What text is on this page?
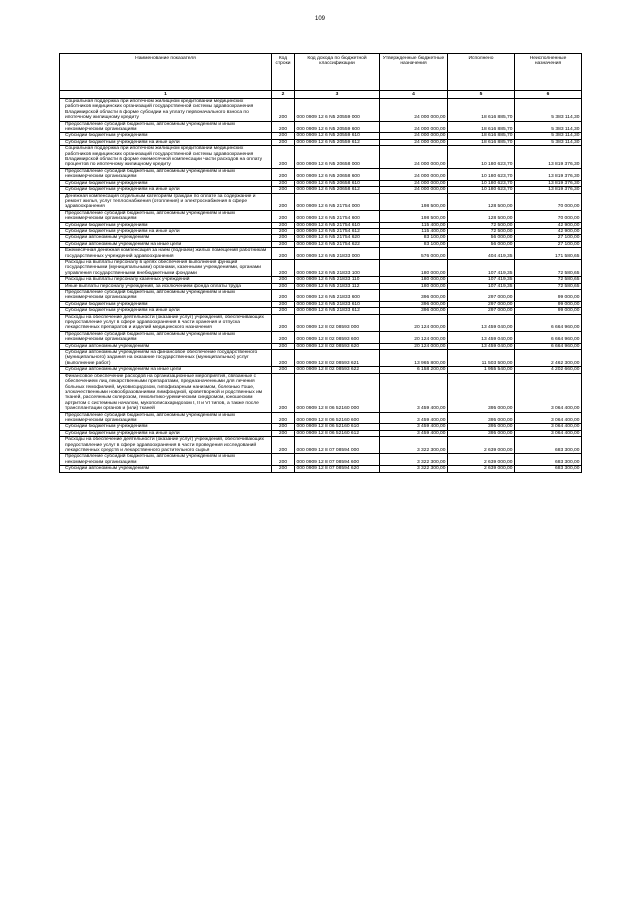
109
Наименование показателя	Код строки	Код дохода по бюджетной классификации	Утвержденные бюджетные назначения	Исполнено	Неисполненные назначения
1	2	3	4	5	6
Социальная поддержка при ипотечном жилищном кредитовании медицинских работников медицинских организаций государственной системы здравоохранения Владимирской области в форме субсидии на уплату первоначального взноса по ипотечному жилищному кредиту	200	000 0909 12 6 N5 20559 000	24 000 000,00	18 616 885,70	5 383 114,30
Предоставление субсидий бюджетным, автономным учреждениям и иным некоммерческим организациям	200	000 0909 12 6 N5 20559 600	24 000 000,00	18 616 885,70	5 383 114,30
Субсидии бюджетным учреждениям	200	000 0909 12 6 N5 20559 610	24 000 000,00	18 616 885,70	5 383 114,30
Субсидии бюджетным учреждениям на иные цели	200	000 0909 12 6 N5 20559 612	24 000 000,00	18 616 885,70	5 383 114,30
Социальная поддержка при ипотечном жилищном кредитовании медицинских работников медицинских организаций государственной системы здравоохранения Владимирской области в форме ежемесячной компенсации части расходов на оплату процентов по ипотечному жилищному кредиту	200	000 0909 12 6 N5 20658 000	24 000 000,00	10 180 623,70	13 819 376,30
Предоставление субсидий бюджетным, автономным учреждениям и иным некоммерческим организациям	200	000 0909 12 6 N5 20658 600	24 000 000,00	10 180 623,70	13 819 376,30
Субсидии бюджетным учреждениям	200	000 0909 12 6 N5 20658 610	24 000 000,00	10 180 623,70	13 819 376,30
Субсидии бюджетным учреждениям на иные цели	200	000 0909 12 6 N5 20658 612	24 000 000,00	10 180 623,70	13 819 376,30
Денежная компенсация отдельным категориям граждан по оплате за содержание и ремонт жилья, услуг теплоснабжения (отопления) и электроснабжения в сфере здравоохранения	200	000 0909 12 6 N5 21754 000	198 500,00	128 500,00	70 000,00
Предоставление субсидий бюджетным, автономным учреждениям и иным некоммерческим организациям	200	000 0909 12 6 N5 21754 600	198 500,00	128 500,00	70 000,00
Субсидии бюджетным учреждениям	200	000 0909 12 6 N5 21754 610	115 400,00	72 500,00	42 900,00
Субсидии бюджетным учреждениям на иные цели	200	000 0909 12 6 N5 21754 612	115 400,00	72 500,00	42 900,00
Субсидии автономным учреждениям	200	000 0909 12 6 N5 21754 620	83 100,00	56 000,00	27 100,00
Субсидии автономным учреждениям на иные цели	200	000 0909 12 6 N5 21754 622	83 100,00	56 000,00	27 100,00
Ежемесячная денежная компенсация за наем (поднаем) жилых помещений работникам государственных учреждений здравоохранения	200	000 0909 12 6 N5 21833 000	576 000,00	404 419,35	171 580,65
Расходы на выплаты персоналу в целях обеспечения выполнения функций государственными (муниципальными) органами, казенными учреждениями, органами управления государственными внебюджетными фондами	200	000 0909 12 6 N5 21833 100	180 000,00	107 419,35	72 580,65
Расходы на выплаты персоналу казенных учреждений	200	000 0909 12 6 N5 21833 110	180 000,00	107 419,35	72 580,65
Иные выплаты персоналу учреждений, за исключением фонда оплаты труда	200	000 0909 12 6 N5 21833 112	180 000,00	107 419,35	72 580,65
Предоставление субсидий бюджетным, автономным учреждениям и иным некоммерческим организациям	200	000 0909 12 6 N5 21833 600	396 000,00	297 000,00	99 000,00
Субсидии бюджетным учреждениям	200	000 0909 12 6 N5 21833 610	396 000,00	297 000,00	99 000,00
Субсидии бюджетным учреждениям на иные цели	200	000 0909 12 6 N5 21833 612	396 000,00	297 000,00	99 000,00
Расходы на обеспечение деятельности (оказание услуг) учреждений, обеспечивающих предоставление услуг в сфере здравоохранения в части хранения и отпуска лекарственных препаратов и изделий медицинского назначения	200	000 0909 12 8 02 08593 000	20 124 000,00	13 459 040,00	6 664 960,00
Предоставление субсидий бюджетным, автономным учреждениям и иным некоммерческим организациям	200	000 0909 12 8 02 08593 600	20 124 000,00	13 459 040,00	6 664 960,00
Субсидии автономным учреждениям	200	000 0909 12 8 02 08593 620	20 124 000,00	13 459 040,00	6 664 960,00
Субсидии автономным учреждениям на финансовое обеспечение государственного (муниципального) задания на оказание государственных (муниципальных) услуг (выполнение работ)	200	000 0909 12 8 02 08593 621	13 965 800,00	11 503 500,00	2 462 300,00
Субсидии автономным учреждениям на иные цели	200	000 0909 12 8 02 08593 622	6 158 200,00	1 955 540,00	4 202 660,00
Финансовое обеспечение расходов на организационные мероприятия, связанные с обеспечением лиц лекарственными препаратами, предназначенными для лечения больных гемофилией, муковисцидозом, гипофизарным нанизмом, болезнью Гоше, злокачественными новообразованиями лимфоидной, кроветворной и родственных им тканей, рассеянным склерозом, гемолитико-уремическим синдромом, юношеским артритом с системным началом, мукополисахаридозом I, II и VI типов, а также после трансплантации органов и (или) тканей	200	000 0909 12 8 06 52160 000	3 459 400,00	395 000,00	3 064 400,00
Предоставление субсидий бюджетным, автономным учреждениям и иным некоммерческим организациям	200	000 0909 12 8 06 52160 600	3 459 400,00	395 000,00	3 064 400,00
Субсидии бюджетным учреждениям	200	000 0909 12 8 06 52160 610	3 459 400,00	395 000,00	3 064 400,00
Субсидии бюджетным учреждениям на иные цели	200	000 0909 12 8 06 52160 612	3 459 400,00	395 000,00	3 064 400,00
Расходы на обеспечение деятельности (оказание услуг) учреждений, обеспечивающих предоставление услуг в сфере здравоохранения в части проведения исследований лекарственных средств и лекарственного растительного сырья	200	000 0909 12 8 07 08594 000	3 322 300,00	2 639 000,00	683 300,00
Предоставление субсидий бюджетным, автономным учреждениям и иным некоммерческим организациям	200	000 0909 12 8 07 08594 600	3 322 300,00	2 639 000,00	683 300,00
Субсидии автономным учреждениям	200	000 0909 12 8 07 08594 620	3 322 300,00	2 639 000,00	683 300,00
